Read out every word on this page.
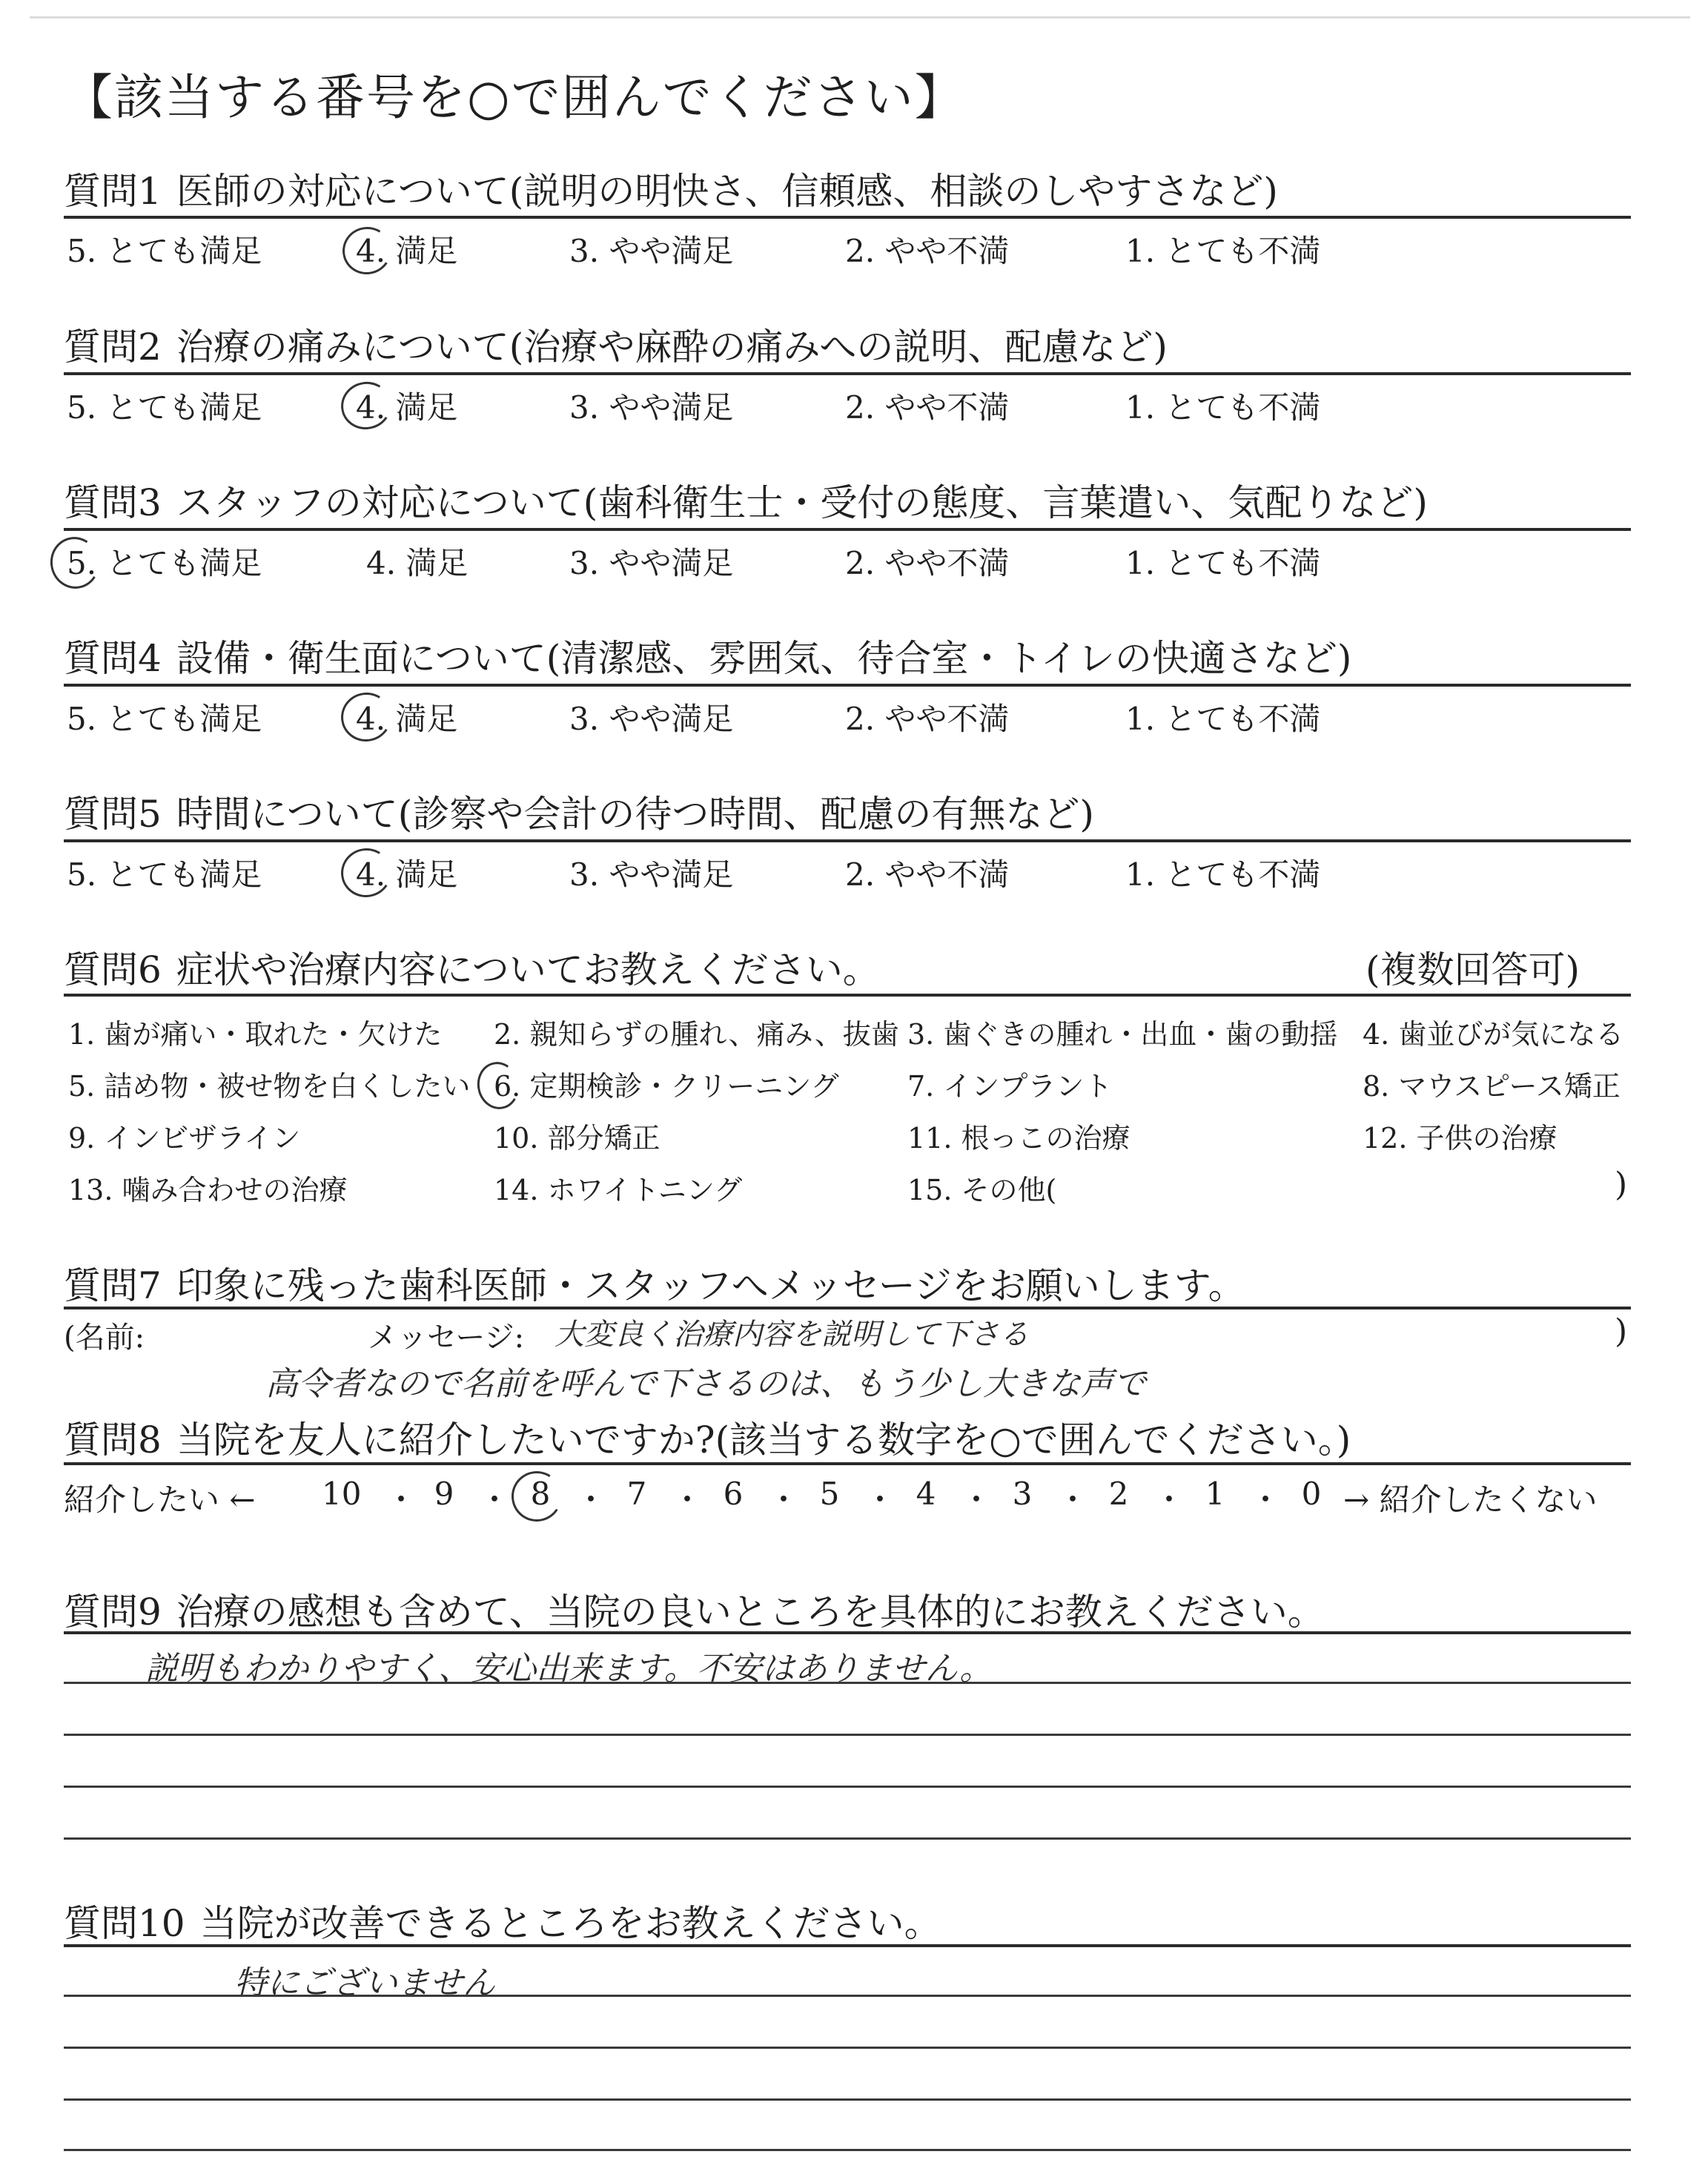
【該当する番号を○で囲んでください】
質問1 医師の対応について(説明の明快さ、信頼感、相談のしやすさなど)
5. とても満足	4. 満足	3. やや満足	2. やや不満	1. とても不満
質問2 治療の痛みについて(治療や麻酔の痛みへの説明、配慮など)
5. とても満足	4. 満足	3. やや満足	2. やや不満	1. とても不満
質問3 スタッフの対応について(歯科衛生士・受付の態度、言葉遣い、気配りなど)
5. とても満足	4. 満足	3. やや満足	2. やや不満	1. とても不満
質問4 設備・衛生面について(清潔感、雰囲気、待合室・トイレの快適さなど)
5. とても満足	4. 満足	3. やや満足	2. やや不満	1. とても不満
質問5 時間について(診察や会計の待つ時間、配慮の有無など)
5. とても満足	4. 満足	3. やや満足	2. やや不満	1. とても不満
質問6 症状や治療内容についてお教えください。	(複数回答可)
1. 歯が痛い・取れた・欠けた 2. 親知らずの腫れ、痛み、抜歯 3. 歯ぐきの腫れ・出血・歯の動揺 4. 歯並びが気になる
5. 詰め物・被せ物を白くしたい 6. 定期検診・クリーニング 7. インプラント	8. マウスピース矯正
9. インビザライン	10. 部分矯正	11. 根っこの治療	12. 子供の治療
13. 噛み合わせの治療	14. ホワイトニング	15. その他(	)
質問7 印象に残った歯科医師・スタッフへメッセージをお願いします。
(名前:	メッセージ: 大変良く治療内容を説明して下さる
高令者なので名前を呼んで下さるのは、もう少し大きな声で
)
質問8 当院を友人に紹介したいですか?(該当する数字を○で囲んでください。)
紹介したい ← 10 ・ 9 ・ 8 ・ 7 ・ 6 ・ 5 ・ 4 ・ 3 ・ 2 ・ 1 ・ 0 → 紹介したくない
質問9 治療の感想も含めて、当院の良いところを具体的にお教えください。
説明もわかりやすく、安心出来ます。不安はありません。
質問10 当院が改善できるところをお教えください。
特にございません
